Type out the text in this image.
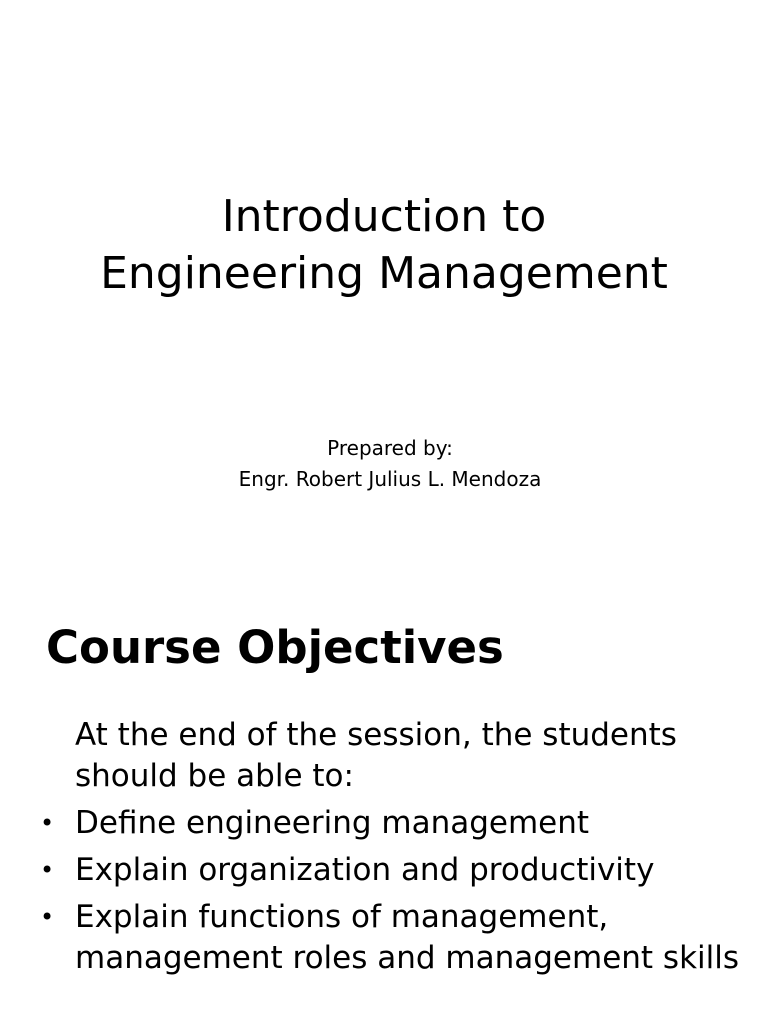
Introduction to
Engineering Management
Prepared by:
Engr. Robert Julius L. Mendoza
Course Objectives
At the end of the session, the students should be able to:
• Define engineering management
• Explain organization and productivity
• Explain functions of management, management roles and management skills
